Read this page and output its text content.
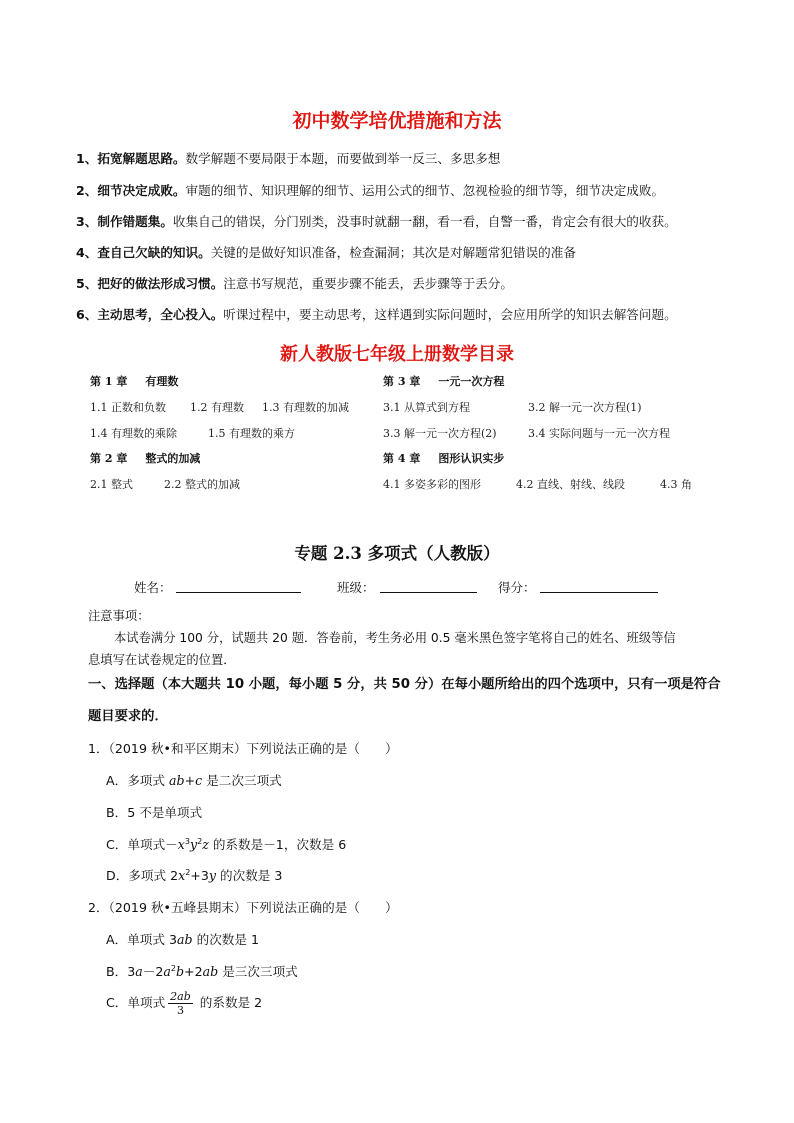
初中数学培优措施和方法
1、拓宽解题思路。数学解题不要局限于本题，而要做到举一反三、多思多想
2、细节决定成败。审题的细节、知识理解的细节、运用公式的细节、忽视检验的细节等，细节决定成败。
3、制作错题集。收集自己的错误，分门别类，没事时就翻一翻，看一看，自警一番，肯定会有很大的收获。
4、查自己欠缺的知识。关键的是做好知识准备，检查漏洞；其次是对解题常犯错误的准备
5、把好的做法形成习惯。注意书写规范，重要步骤不能丢，丢步骤等于丢分。
6、主动思考，全心投入。听课过程中，要主动思考，这样遇到实际问题时，会应用所学的知识去解答问题。
新人教版七年级上册数学目录
第 1 章 有理数	第 3 章 一元一次方程
1.1 正数和负数 1.2 有理数 1.3 有理数的加减	3.1 从算式到方程	3.2 解一元一次方程(1)
1.4 有理数的乘除	1.5 有理数的乘方	3.3 解一元一次方程(2)	3.4 实际问题与一元一次方程
第 2 章 整式的加减	第 4 章 图形认识实步
2.1 整式	2.2 整式的加减	4.1 多姿多彩的图形	4.2 直线、射线、线段	4.3 角
专题 2.3 多项式（人教版）
姓名：	班级：	得分：
注意事项：
本试卷满分 100 分，试题共 20 题．答卷前，考生务必用 0.5 毫米黑色签字笔将自己的姓名、班级等信
息填写在试卷规定的位置．
一、选择题（本大题共 10 小题，每小题 5 分，共 50 分）在每小题所给出的四个选项中，只有一项是符合
题目要求的．
1．（2019 秋•和平区期末）下列说法正确的是（　　）
A．多项式 ab+c 是二次三项式
B．5 不是单项式
C．单项式$-x^3y^2z$ 的系数是－1，次数是 6
D．多项式 $2x^2+3y$ 的次数是 3
2．（2019 秋•五峰县期末）下列说法正确的是（　　）
A．单项式 3ab 的次数是 1
B．$3a-2a^2b+2ab$ 是三次三项式
C．单项式 $\frac{2ab}{3}$ 的系数是 2
